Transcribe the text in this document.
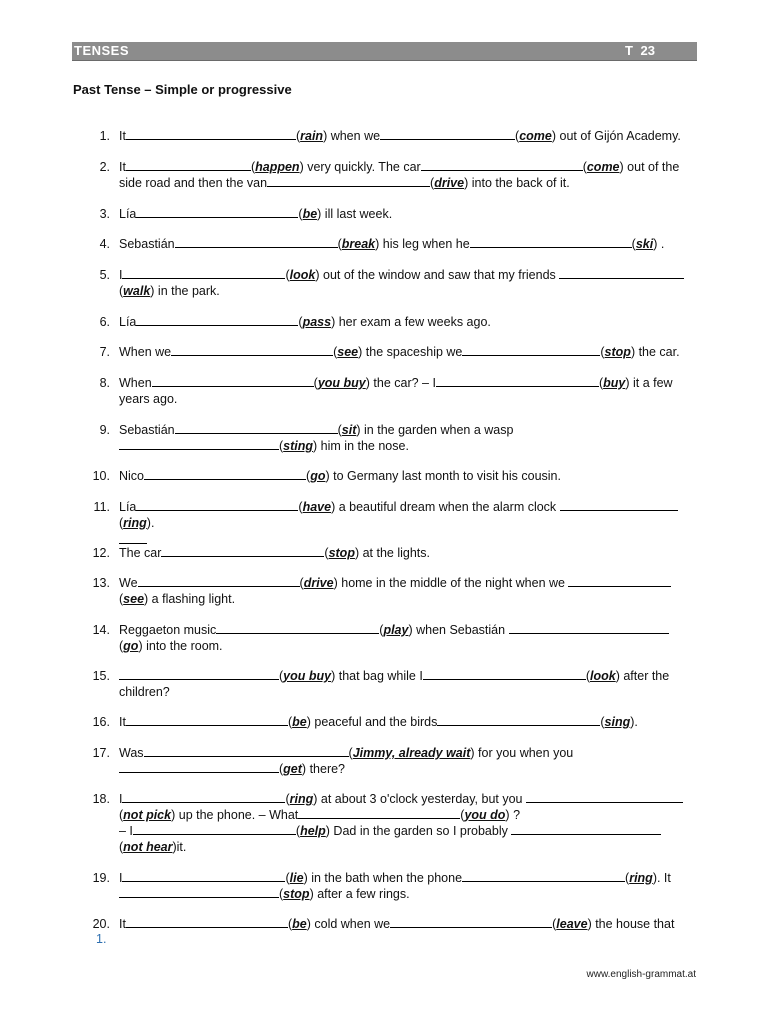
TENSES	T 23
Past Tense – Simple or progressive
1. It	(rain) when we	(come) out of Gijón Academy.
2. It	(happen) very quickly. The car	(come) out of the
side road and then the van	(drive) into the back of it.
3. Lía	(be) ill last week.
4. Sebastián	(break) his leg when he	(ski) .
5. I	(look) out of the window and saw that my friends
(walk) in the park.
6. Lía	(pass) her exam a few weeks ago.
7. When we	(see) the spaceship we	(stop) the car.
8. When	(you buy) the car? – I	(buy) it a few
years ago.
9. Sebastián	(sit) in the garden when a wasp
(sting) him in the nose.
10. Nico	(go) to Germany last month to visit his cousin.
11. Lía	(have) a beautiful dream when the alarm clock
(ring).
12. The car	(stop) at the lights.
13. We	(drive) home in the middle of the night when we
(see) a flashing light.
14. Reggaeton music	(play) when Sebastián
(go) into the room.
15.	(you buy) that bag while I	(look) after the
children?
16. It	(be) peaceful and the birds	(sing).
17. Was	(Jimmy, already wait) for you when you
(get) there?
18. I	(ring) at about 3 o'clock yesterday, but you
(not pick) up the phone. – What	(you do) ?
– I	(help) Dad in the garden so I probably
(not hear)it.
19. I	(lie) in the bath when the phone	(ring). It
(stop) after a few rings.
20. It	(be) cold when we	(leave) the house that
1.
www.english-grammat.at
